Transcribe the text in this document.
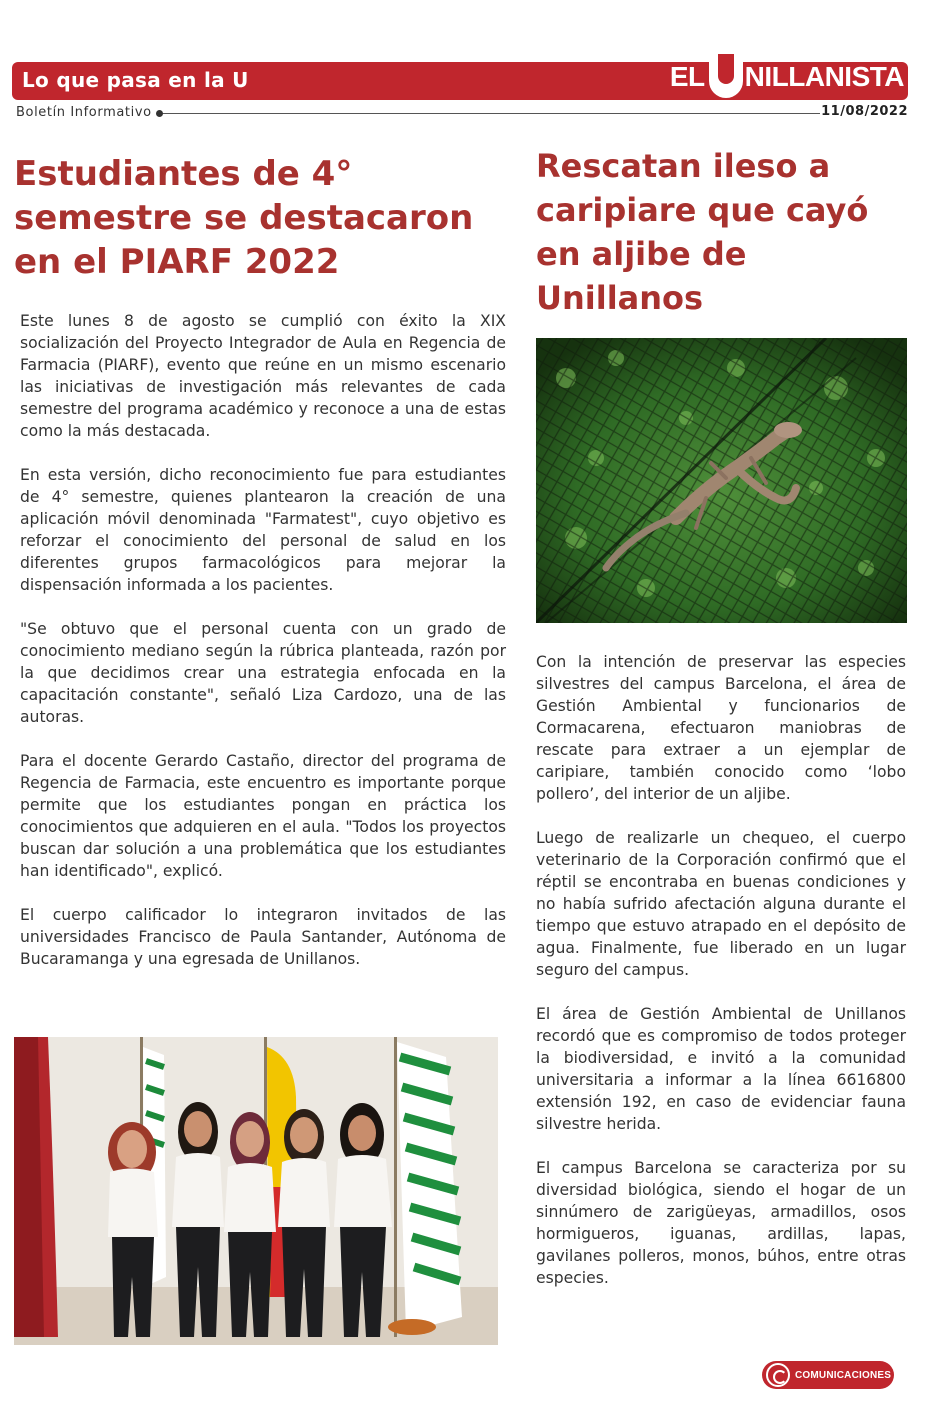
Lo que pasa en la U	EL NILLANISTA
Boletín Informativo	11/08/2022
Estudiantes de 4° semestre se destacaron en el PIARF 2022

Este lunes 8 de agosto se cumplió con éxito la XIX socialización del Proyecto Integrador de Aula en Regencia de Farmacia (PIARF), evento que reúne en un mismo escenario las iniciativas de investigación más relevantes de cada semestre del programa académico y reconoce a una de estas como la más destacada.

En esta versión, dicho reconocimiento fue para estudiantes de 4° semestre, quienes plantearon la creación de una aplicación móvil denominada "Farmatest", cuyo objetivo es reforzar el conocimiento del personal de salud en los diferentes grupos farmacológicos para mejorar la dispensación informada a los pacientes.

"Se obtuvo que el personal cuenta con un grado de conocimiento mediano según la rúbrica planteada, razón por la que decidimos crear una estrategia enfocada en la capacitación constante", señaló Liza Cardozo, una de las autoras.

Para el docente Gerardo Castaño, director del programa de Regencia de Farmacia, este encuentro es importante porque permite que los estudiantes pongan en práctica los conocimientos que adquieren en el aula. "Todos los proyectos buscan dar solución a una problemática que los estudiantes han identificado", explicó.

El cuerpo calificador lo integraron invitados de las universidades Francisco de Paula Santander, Autónoma de Bucaramanga y una egresada de Unillanos.

Rescatan ileso a caripiare que cayó en aljibe de Unillanos

Con la intención de preservar las especies silvestres del campus Barcelona, el área de Gestión Ambiental y funcionarios de Cormacarena, efectuaron maniobras de rescate para extraer a un ejemplar de caripiare, también conocido como ‘lobo pollero’, del interior de un aljibe.

Luego de realizarle un chequeo, el cuerpo veterinario de la Corporación confirmó que el réptil se encontraba en buenas condiciones y no había sufrido afectación alguna durante el tiempo que estuvo atrapado en el depósito de agua. Finalmente, fue liberado en un lugar seguro del campus.

El área de Gestión Ambiental de Unillanos recordó que es compromiso de todos proteger la biodiversidad, e invitó a la comunidad universitaria a informar a la línea 6616800 extensión 192, en caso de evidenciar fauna silvestre herida.

El campus Barcelona se caracteriza por su diversidad biológica, siendo el hogar de un sinnúmero de zarigüeyas, armadillos, osos hormigueros, iguanas, ardillas, lapas, gavilanes polleros, monos, búhos, entre otras especies.

COMUNICACIONES
